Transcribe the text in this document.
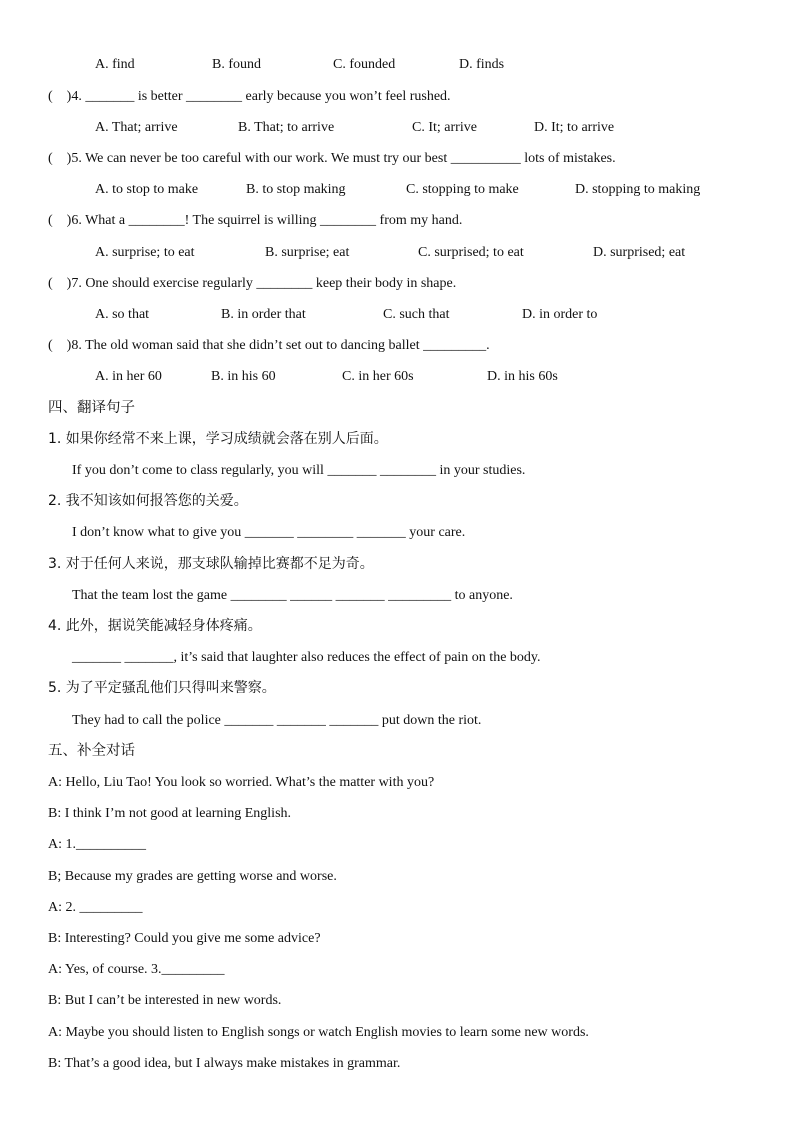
A. find	B. found	C. founded	D. finds
(    )4. _______ is better ________ early because you won’t feel rushed.
A. That; arrive	B. That; to arrive	C. It; arrive	D. It; to arrive
(    )5. We can never be too careful with our work. We must try our best __________ lots of mistakes.
A. to stop to make	B. to stop making	C. stopping to make	D. stopping to making
(    )6. What a ________! The squirrel is willing ________ from my hand.
A. surprise; to eat	B. surprise; eat	C. surprised; to eat	D. surprised; eat
(    )7. One should exercise regularly ________ keep their body in shape.
A. so that	B. in order that	C. such that	D. in order to
(    )8. The old woman said that she didn’t set out to dancing ballet _________.
A. in her 60	B. in his 60	C. in her 60s	D. in his 60s
四、翻译句子
1. 如果你经常不来上课，学习成绩就会落在别人后面。
If you don’t come to class regularly, you will _______ ________ in your studies.
2. 我不知该如何报答您的关爱。
I don’t know what to give you _______ ________ _______ your care.
3. 对于任何人来说，那支球队输掉比赛都不足为奇。
That the team lost the game ________ ______ _______ _________ to anyone.
4. 此外，据说笑能减轻身体疼痛。
_______ _______, it’s said that laughter also reduces the effect of pain on the body.
5. 为了平定骚乱他们只得叫来警察。
They had to call the police _______ _______ _______ put down the riot.
五、补全对话
A: Hello, Liu Tao! You look so worried. What’s the matter with you?
B: I think I’m not good at learning English.
A: 1.__________
B; Because my grades are getting worse and worse.
A: 2. _________
B: Interesting? Could you give me some advice?
A: Yes, of course. 3._________
B: But I can’t be interested in new words.
A: Maybe you should listen to English songs or watch English movies to learn some new words.
B: That’s a good idea, but I always make mistakes in grammar.
